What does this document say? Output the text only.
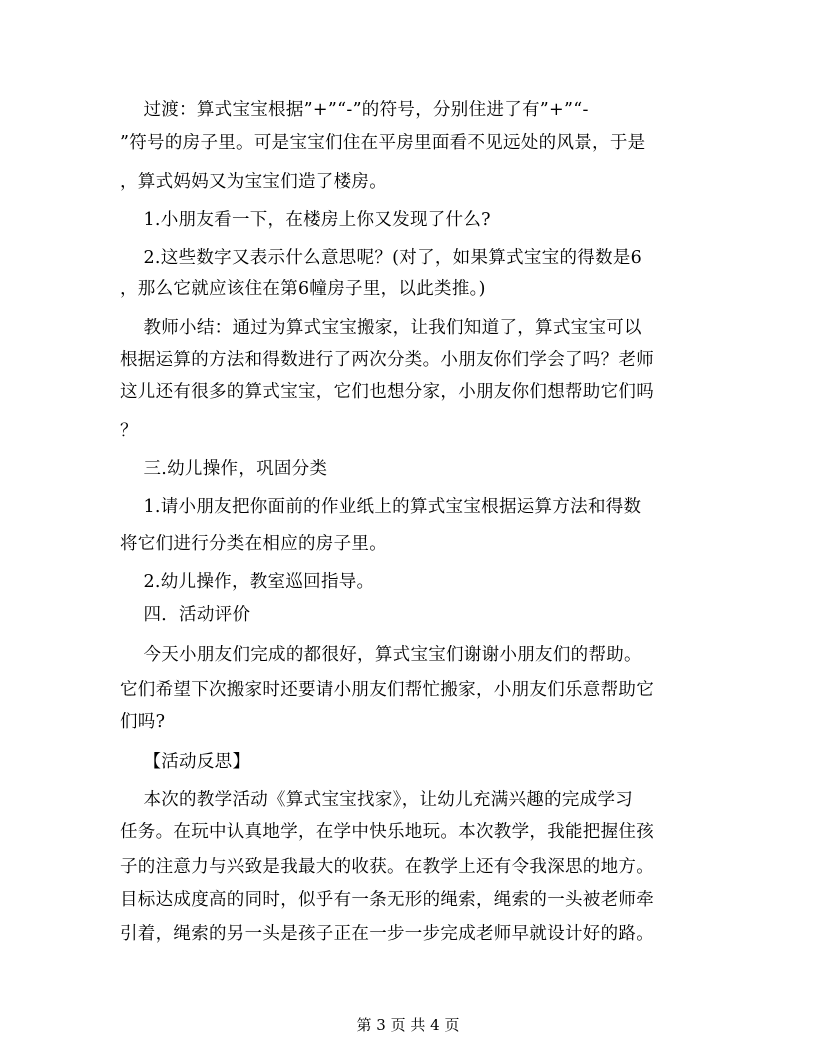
过渡：算式宝宝根据”+”“-”的符号，分别住进了有”+”“-
”符号的房子里。可是宝宝们住在平房里面看不见远处的风景，于是
，算式妈妈又为宝宝们造了楼房。
1.小朋友看一下，在楼房上你又发现了什么?
2.这些数字又表示什么意思呢？(对了，如果算式宝宝的得数是6
，那么它就应该住在第6幢房子里，以此类推。)
教师小结：通过为算式宝宝搬家，让我们知道了，算式宝宝可以
根据运算的方法和得数进行了两次分类。小朋友你们学会了吗？老师
这儿还有很多的算式宝宝，它们也想分家，小朋友你们想帮助它们吗
？
三.幼儿操作，巩固分类
1.请小朋友把你面前的作业纸上的算式宝宝根据运算方法和得数
将它们进行分类在相应的房子里。
2.幼儿操作，教室巡回指导。
四．活动评价
今天小朋友们完成的都很好，算式宝宝们谢谢小朋友们的帮助。
它们希望下次搬家时还要请小朋友们帮忙搬家，小朋友们乐意帮助它
们吗?
【活动反思】
本次的教学活动《算式宝宝找家》，让幼儿充满兴趣的完成学习
任务。在玩中认真地学，在学中快乐地玩。本次教学，我能把握住孩
子的注意力与兴致是我最大的收获。在教学上还有令我深思的地方。
目标达成度高的同时，似乎有一条无形的绳索，绳索的一头被老师牵
引着，绳索的另一头是孩子正在一步一步完成老师早就设计好的路。
第 3 页 共 4 页
